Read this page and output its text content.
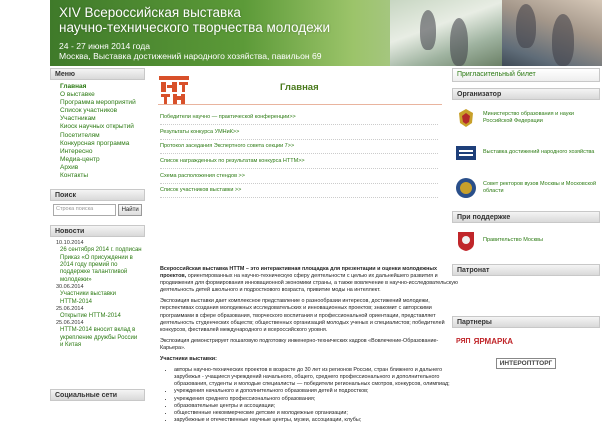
XIV Всероссийская выставка
научно-технического творчества молодежи
24 - 27 июня 2014 года
Москва, Выставка достижений народного хозяйства, павильон 69
Меню
Главная
О выставке
Программа мероприятий
Список участников
Участникам
Киоск научных открытий
Посетителям
Конкурсная программа
Интересно
Медиа-центр
Архив
Контакты
Поиск
Строка поиска	Найти
Новости
10.10.2014
26 сентября 2014 г. подписан Приказ «О присуждении в 2014 году премий по поддержке талантливой молодежи»
30.06.2014
Участники выставки НТТМ-2014
25.06.2014
Открытие НТТМ-2014
25.06.2014
НТТМ-2014 вносит вклад в укрепление дружбы России и Китая
Социальные сети
Главная
Победители научно — практической конференции>>
Результаты конкурса УМНиК>>
Протокол заседания Экспертного совета секции 7>>
Список награжденных по результатам конкурса НТТМ>>
Схема расположения стендов >>
Список участников выставки >>

Всероссийская выставка НТТМ – это интерактивная площадка для презентации и оценки молодежных проектов, ориентированных на научно-техническую сферу деятельности с целью их дальнейшего развития и продвижения для формирования инновационной экономики страны, а также вовлечение в научно-исследовательскую деятельность детей школьного и подросткового возраста, привитие моды на интеллект.

Экспозиция выставки дает комплексное представление о разнообразии интересов, достижений молодежи, перспективах создания молодежных исследовательских и инновационных проектов; знакомит с авторскими программами в сфере образования, творческого воспитания и профессиональной ориентации, представляет деятельность студенческих обществ; общественных организаций молодых ученых и специалистов; победителей конкурсов, фестивалей международного и всероссийского уровня.

Экспозиция демонстрирует пошаговую подготовку инженерно-технических кадров «Вовлечение-Образование-Карьера».

Участники выставки:

• авторы научно-технических проектов в возрасте до 30 лет из регионов России, стран ближнего и дальнего зарубежья - учащиеся учреждений начального, общего, среднего профессионального и дополнительного образования, студенты и молодые специалисты — победители региональных смотров, конкурсов, олимпиад;
• учреждения начального и дополнительного образования детей и подростков;
• учреждения среднего профессионального образования;
• образовательные центры и ассоциации;
• общественные некоммерческие детские и молодежные организации;
• зарубежные и отечественные научные центры, музеи, ассоциации, клубы;
Пригласительный билет
Организатор
Министерство образования и науки Российской Федерации
Выставка достижений народного хозяйства
Совет ректоров вузов Москвы и Московской области
При поддержке
Правительство Москвы
Патронат
Партнеры
РЯП ЯРМАРКА
ИНТЕРОПТТОРГ
